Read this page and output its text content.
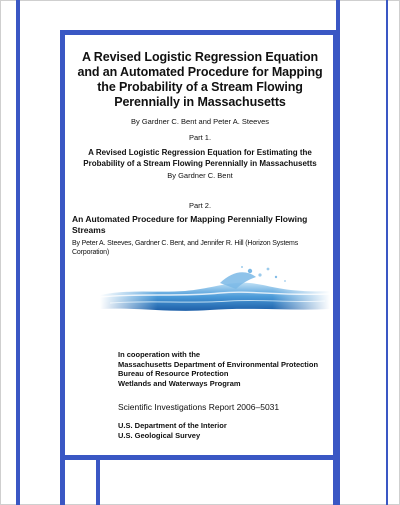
A Revised Logistic Regression Equation
and an Automated Procedure for Mapping
the Probability of a Stream Flowing
Perennially in Massachusetts
By Gardner C. Bent and Peter A. Steeves
Part 1.
A Revised Logistic Regression Equation for Estimating the
Probability of a Stream Flowing Perennially in Massachusetts
By Gardner C. Bent
Part 2.
An Automated Procedure for Mapping Perennially Flowing Streams
By Peter A. Steeves, Gardner C. Bent, and Jennifer R. Hill (Horizon Systems Corporation)
In cooperation with the
Massachusetts Department of Environmental Protection
Bureau of Resource Protection
Wetlands and Waterways Program
Scientific Investigations Report 2006–5031
U.S. Department of the Interior
U.S. Geological Survey
